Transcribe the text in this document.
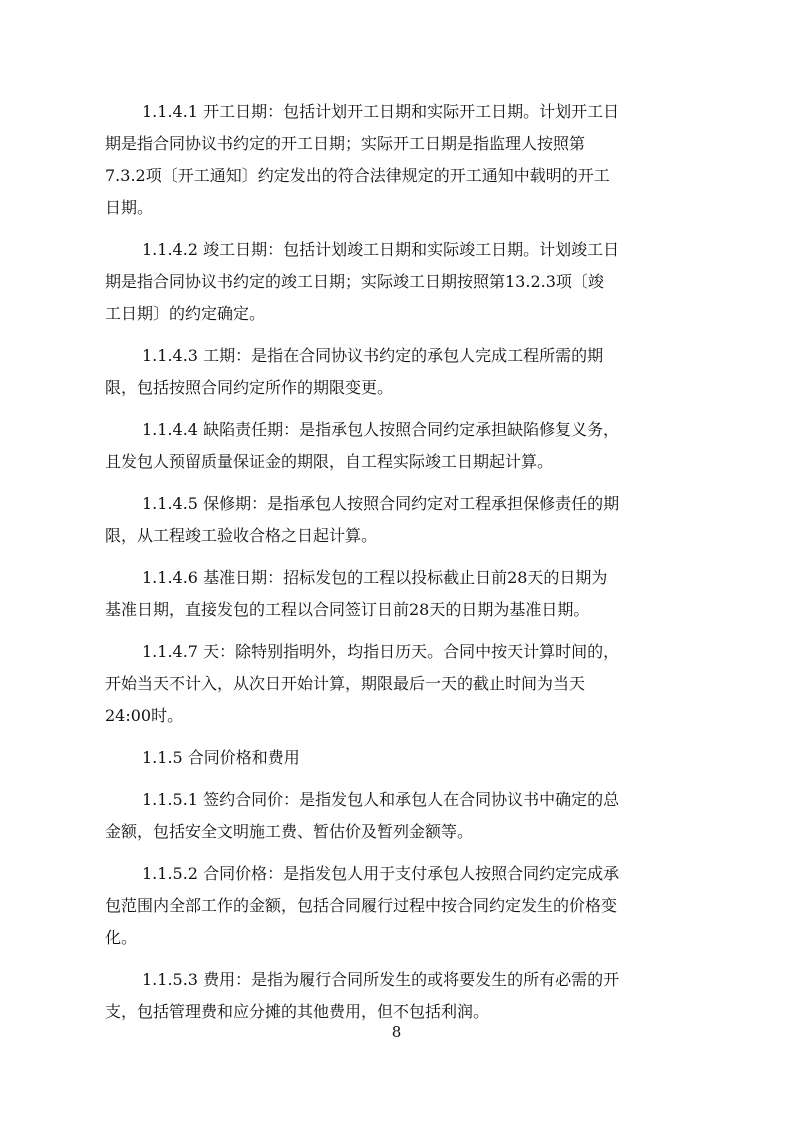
1.1.4.1 开工日期：包括计划开工日期和实际开工日期。计划开工日
期是指合同协议书约定的开工日期；实际开工日期是指监理人按照第
7.3.2项〔开工通知〕约定发出的符合法律规定的开工通知中载明的开工
日期。
1.1.4.2 竣工日期：包括计划竣工日期和实际竣工日期。计划竣工日
期是指合同协议书约定的竣工日期；实际竣工日期按照第13.2.3项〔竣
工日期〕的约定确定。
1.1.4.3 工期：是指在合同协议书约定的承包人完成工程所需的期
限，包括按照合同约定所作的期限变更。
1.1.4.4 缺陷责任期：是指承包人按照合同约定承担缺陷修复义务，
且发包人预留质量保证金的期限，自工程实际竣工日期起计算。
1.1.4.5 保修期：是指承包人按照合同约定对工程承担保修责任的期
限，从工程竣工验收合格之日起计算。
1.1.4.6 基准日期：招标发包的工程以投标截止日前28天的日期为
基准日期，直接发包的工程以合同签订日前28天的日期为基准日期。
1.1.4.7 天：除特别指明外，均指日历天。合同中按天计算时间的，
开始当天不计入，从次日开始计算，期限最后一天的截止时间为当天
24:00时。
1.1.5 合同价格和费用
1.1.5.1 签约合同价：是指发包人和承包人在合同协议书中确定的总
金额，包括安全文明施工费、暂估价及暂列金额等。
1.1.5.2 合同价格：是指发包人用于支付承包人按照合同约定完成承
包范围内全部工作的金额，包括合同履行过程中按合同约定发生的价格变
化。
1.1.5.3 费用：是指为履行合同所发生的或将要发生的所有必需的开
支，包括管理费和应分摊的其他费用，但不包括利润。
8
